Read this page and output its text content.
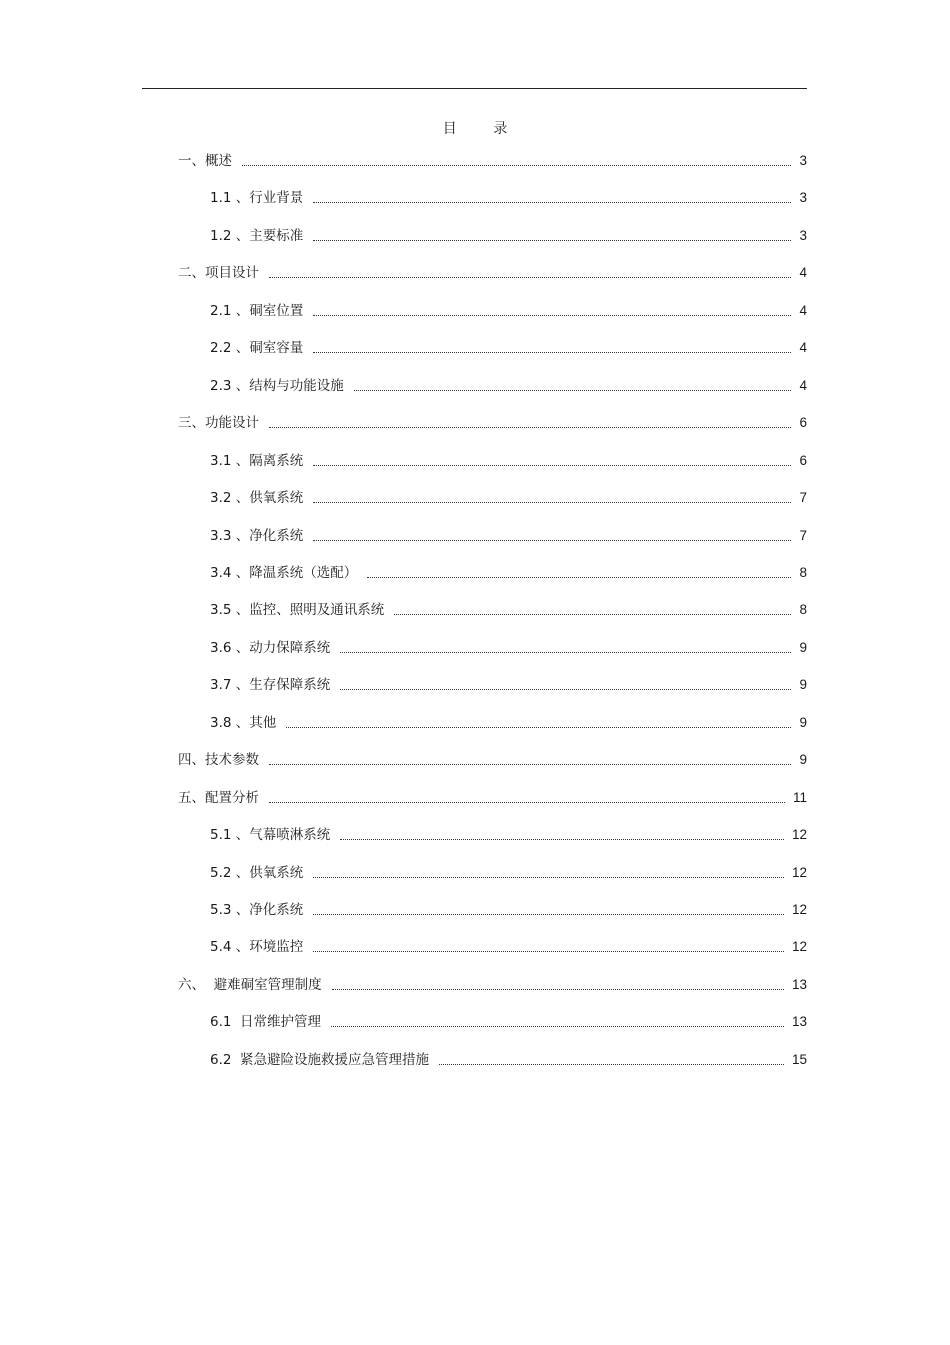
目 录
一、概述	3
1.1 、行业背景	3
1.2 、主要标准	3
二、项目设计	4
2.1 、硐室位置	4
2.2 、硐室容量	4
2.3 、结构与功能设施	4
三、功能设计	6
3.1 、隔离系统	6
3.2 、供氧系统	7
3.3 、净化系统	7
3.4 、降温系统（选配）	8
3.5 、监控、照明及通讯系统	8
3.6 、动力保障系统	9
3.7 、生存保障系统	9
3.8 、其他	9
四、技术参数	9
五、配置分析	11
5.1 、气幕喷淋系统	12
5.2 、供氧系统	12
5.3 、净化系统	12
5.4 、环境监控	12
六、  避难硐室管理制度	13
6.1  日常维护管理	13
6.2  紧急避险设施救援应急管理措施	15
